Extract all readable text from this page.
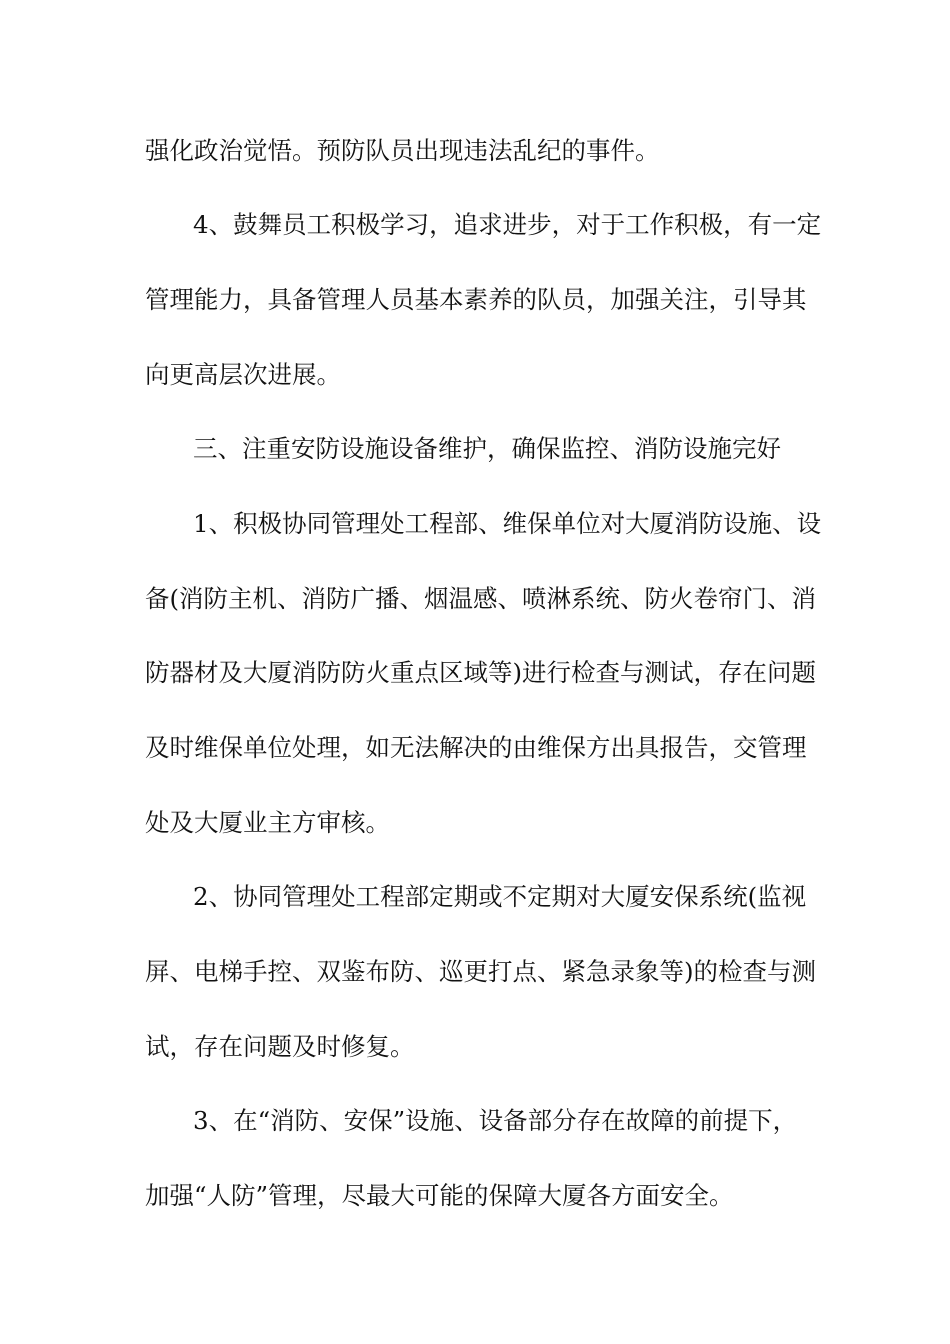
强化政治觉悟。预防队员出现违法乱纪的事件。
4、鼓舞员工积极学习，追求进步，对于工作积极，有一定
管理能力，具备管理人员基本素养的队员，加强关注，引导其
向更高层次进展。
三、注重安防设施设备维护，确保监控、消防设施完好
1、积极协同管理处工程部、维保单位对大厦消防设施、设
备(消防主机、消防广播、烟温感、喷淋系统、防火卷帘门、消
防器材及大厦消防防火重点区域等)进行检查与测试，存在问题
及时维保单位处理，如无法解决的由维保方出具报告，交管理
处及大厦业主方审核。
2、协同管理处工程部定期或不定期对大厦安保系统(监视
屏、电梯手控、双鉴布防、巡更打点、紧急录象等)的检查与测
试，存在问题及时修复。
3、在“消防、安保”设施、设备部分存在故障的前提下，
加强“人防”管理，尽最大可能的保障大厦各方面安全。
